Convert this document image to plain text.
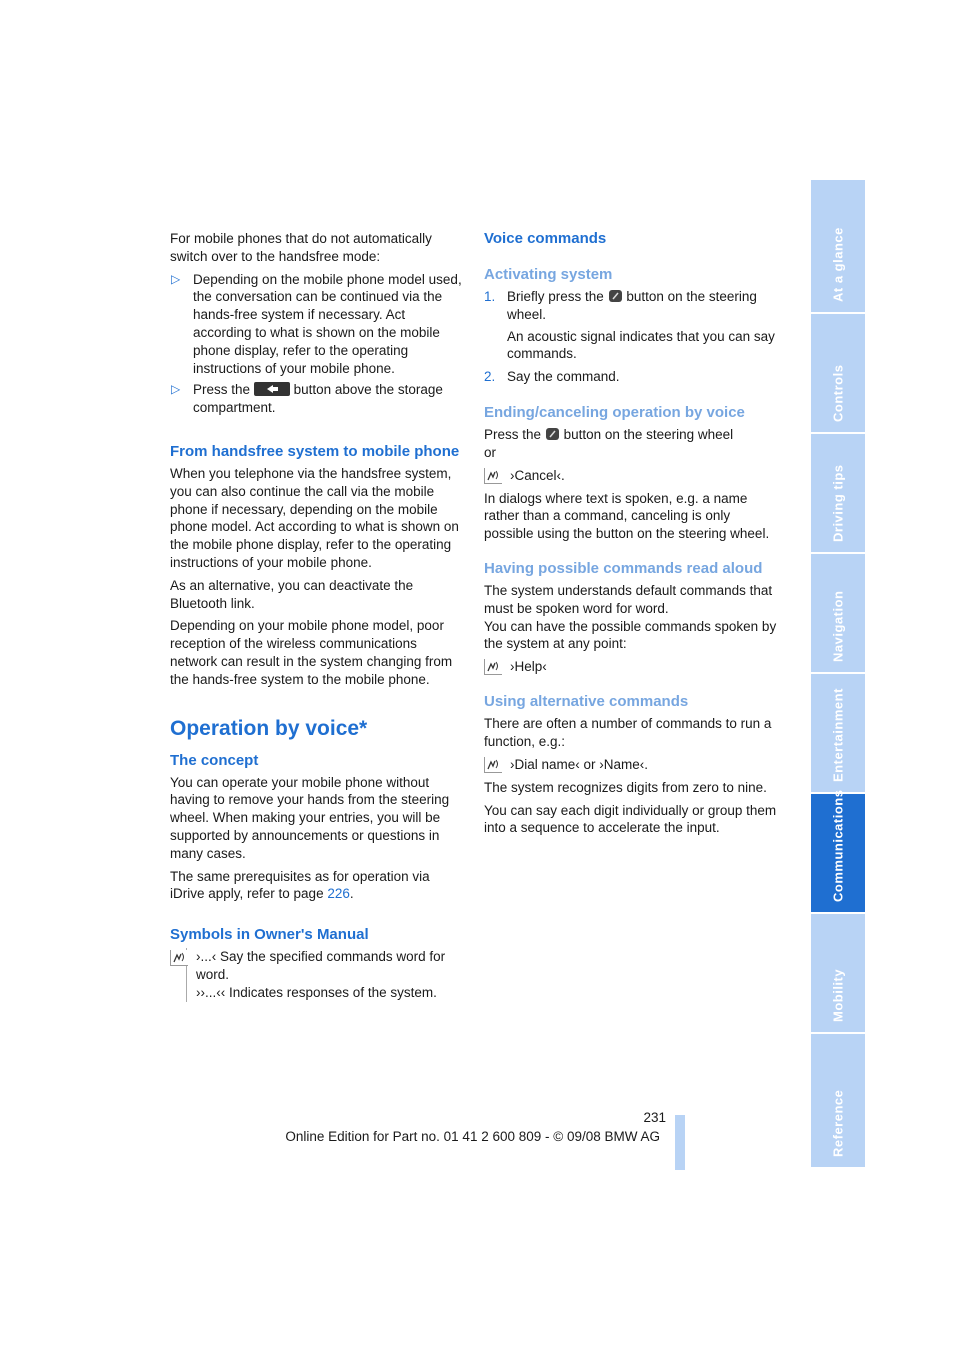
For mobile phones that do not automatically switch over to the handsfree mode:

▷ Depending on the mobile phone model used, the conversation can be continued via the hands-free system if necessary. Act according to what is shown on the mobile phone display, refer to the operating instructions of your mobile phone.
▷ Press the	button above the storage compartment.
From handsfree system to mobile phone

When you telephone via the handsfree system, you can also continue the call via the mobile phone if necessary, depending on the mobile phone model. Act according to what is shown on the mobile phone display, refer to the operating instructions of your mobile phone.

As an alternative, you can deactivate the Bluetooth link.

Depending on your mobile phone model, poor reception of the wireless communications network can result in the system changing from the hands-free system to the mobile phone.

Operation by voice*
The concept

You can operate your mobile phone without having to remove your hands from the steering wheel. When making your entries, you will be supported by announcements or questions in many cases.

The same prerequisites as for operation via iDrive apply, refer to page 226.

Symbols in Owner's Manual
›...‹ Say the specified commands word for word.
››...‹‹ Indicates responses of the system.
Voice commands
Activating system
1. Briefly press the button on the steering wheel.

An acoustic signal indicates that you can say commands.

2. Say the command.
Ending/canceling operation by voice

Press the button on the steering wheel

or

›Cancel‹.

In dialogs where text is spoken, e.g. a name rather than a command, canceling is only possible using the button on the steering wheel.

Having possible commands read aloud

The system understands default commands that must be spoken word for word.

You can have the possible commands spoken by the system at any point:

›Help‹
Using alternative commands

There are often a number of commands to run a function, e.g.:

›Dial name‹ or ›Name‹.

The system recognizes digits from zero to nine.

You can say each digit individually or group them into a sequence to accelerate the input.

At a glance
Controls
Driving tips
Navigation
Entertainment
Communications
Mobility
Reference
231
Online Edition for Part no. 01 41 2 600 809 - © 09/08 BMW AG
